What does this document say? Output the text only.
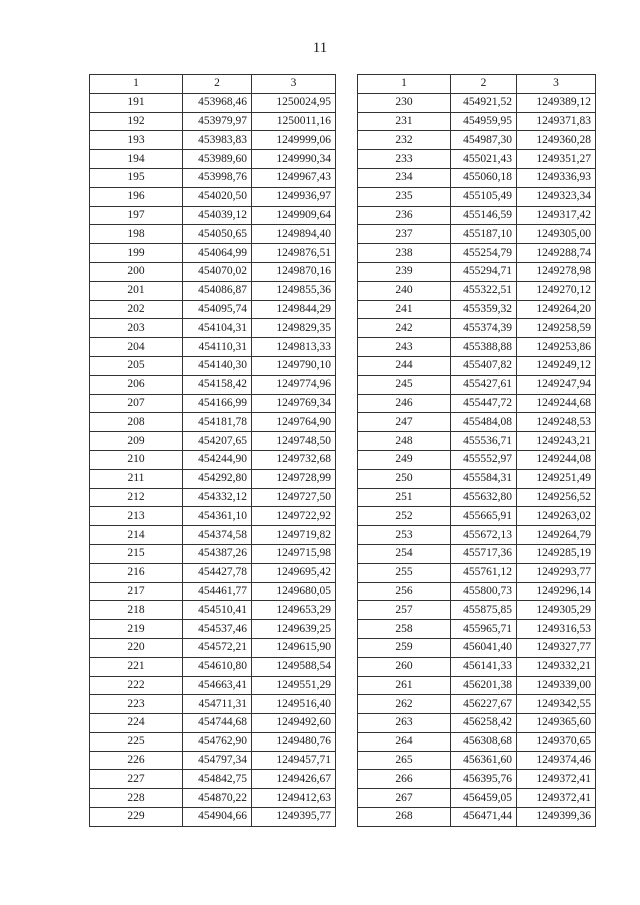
11
1	2	3
191	453968,46	1250024,95
192	453979,97	1250011,16
193	453983,83	1249999,06
194	453989,60	1249990,34
195	453998,76	1249967,43
196	454020,50	1249936,97
197	454039,12	1249909,64
198	454050,65	1249894,40
199	454064,99	1249876,51
200	454070,02	1249870,16
201	454086,87	1249855,36
202	454095,74	1249844,29
203	454104,31	1249829,35
204	454110,31	1249813,33
205	454140,30	1249790,10
206	454158,42	1249774,96
207	454166,99	1249769,34
208	454181,78	1249764,90
209	454207,65	1249748,50
210	454244,90	1249732,68
211	454292,80	1249728,99
212	454332,12	1249727,50
213	454361,10	1249722,92
214	454374,58	1249719,82
215	454387,26	1249715,98
216	454427,78	1249695,42
217	454461,77	1249680,05
218	454510,41	1249653,29
219	454537,46	1249639,25
220	454572,21	1249615,90
221	454610,80	1249588,54
222	454663,41	1249551,29
223	454711,31	1249516,40
224	454744,68	1249492,60
225	454762,90	1249480,76
226	454797,34	1249457,71
227	454842,75	1249426,67
228	454870,22	1249412,63
229	454904,66	1249395,77
1	2	3
230	454921,52	1249389,12
231	454959,95	1249371,83
232	454987,30	1249360,28
233	455021,43	1249351,27
234	455060,18	1249336,93
235	455105,49	1249323,34
236	455146,59	1249317,42
237	455187,10	1249305,00
238	455254,79	1249288,74
239	455294,71	1249278,98
240	455322,51	1249270,12
241	455359,32	1249264,20
242	455374,39	1249258,59
243	455388,88	1249253,86
244	455407,82	1249249,12
245	455427,61	1249247,94
246	455447,72	1249244,68
247	455484,08	1249248,53
248	455536,71	1249243,21
249	455552,97	1249244,08
250	455584,31	1249251,49
251	455632,80	1249256,52
252	455665,91	1249263,02
253	455672,13	1249264,79
254	455717,36	1249285,19
255	455761,12	1249293,77
256	455800,73	1249296,14
257	455875,85	1249305,29
258	455965,71	1249316,53
259	456041,40	1249327,77
260	456141,33	1249332,21
261	456201,38	1249339,00
262	456227,67	1249342,55
263	456258,42	1249365,60
264	456308,68	1249370,65
265	456361,60	1249374,46
266	456395,76	1249372,41
267	456459,05	1249372,41
268	456471,44	1249399,36
